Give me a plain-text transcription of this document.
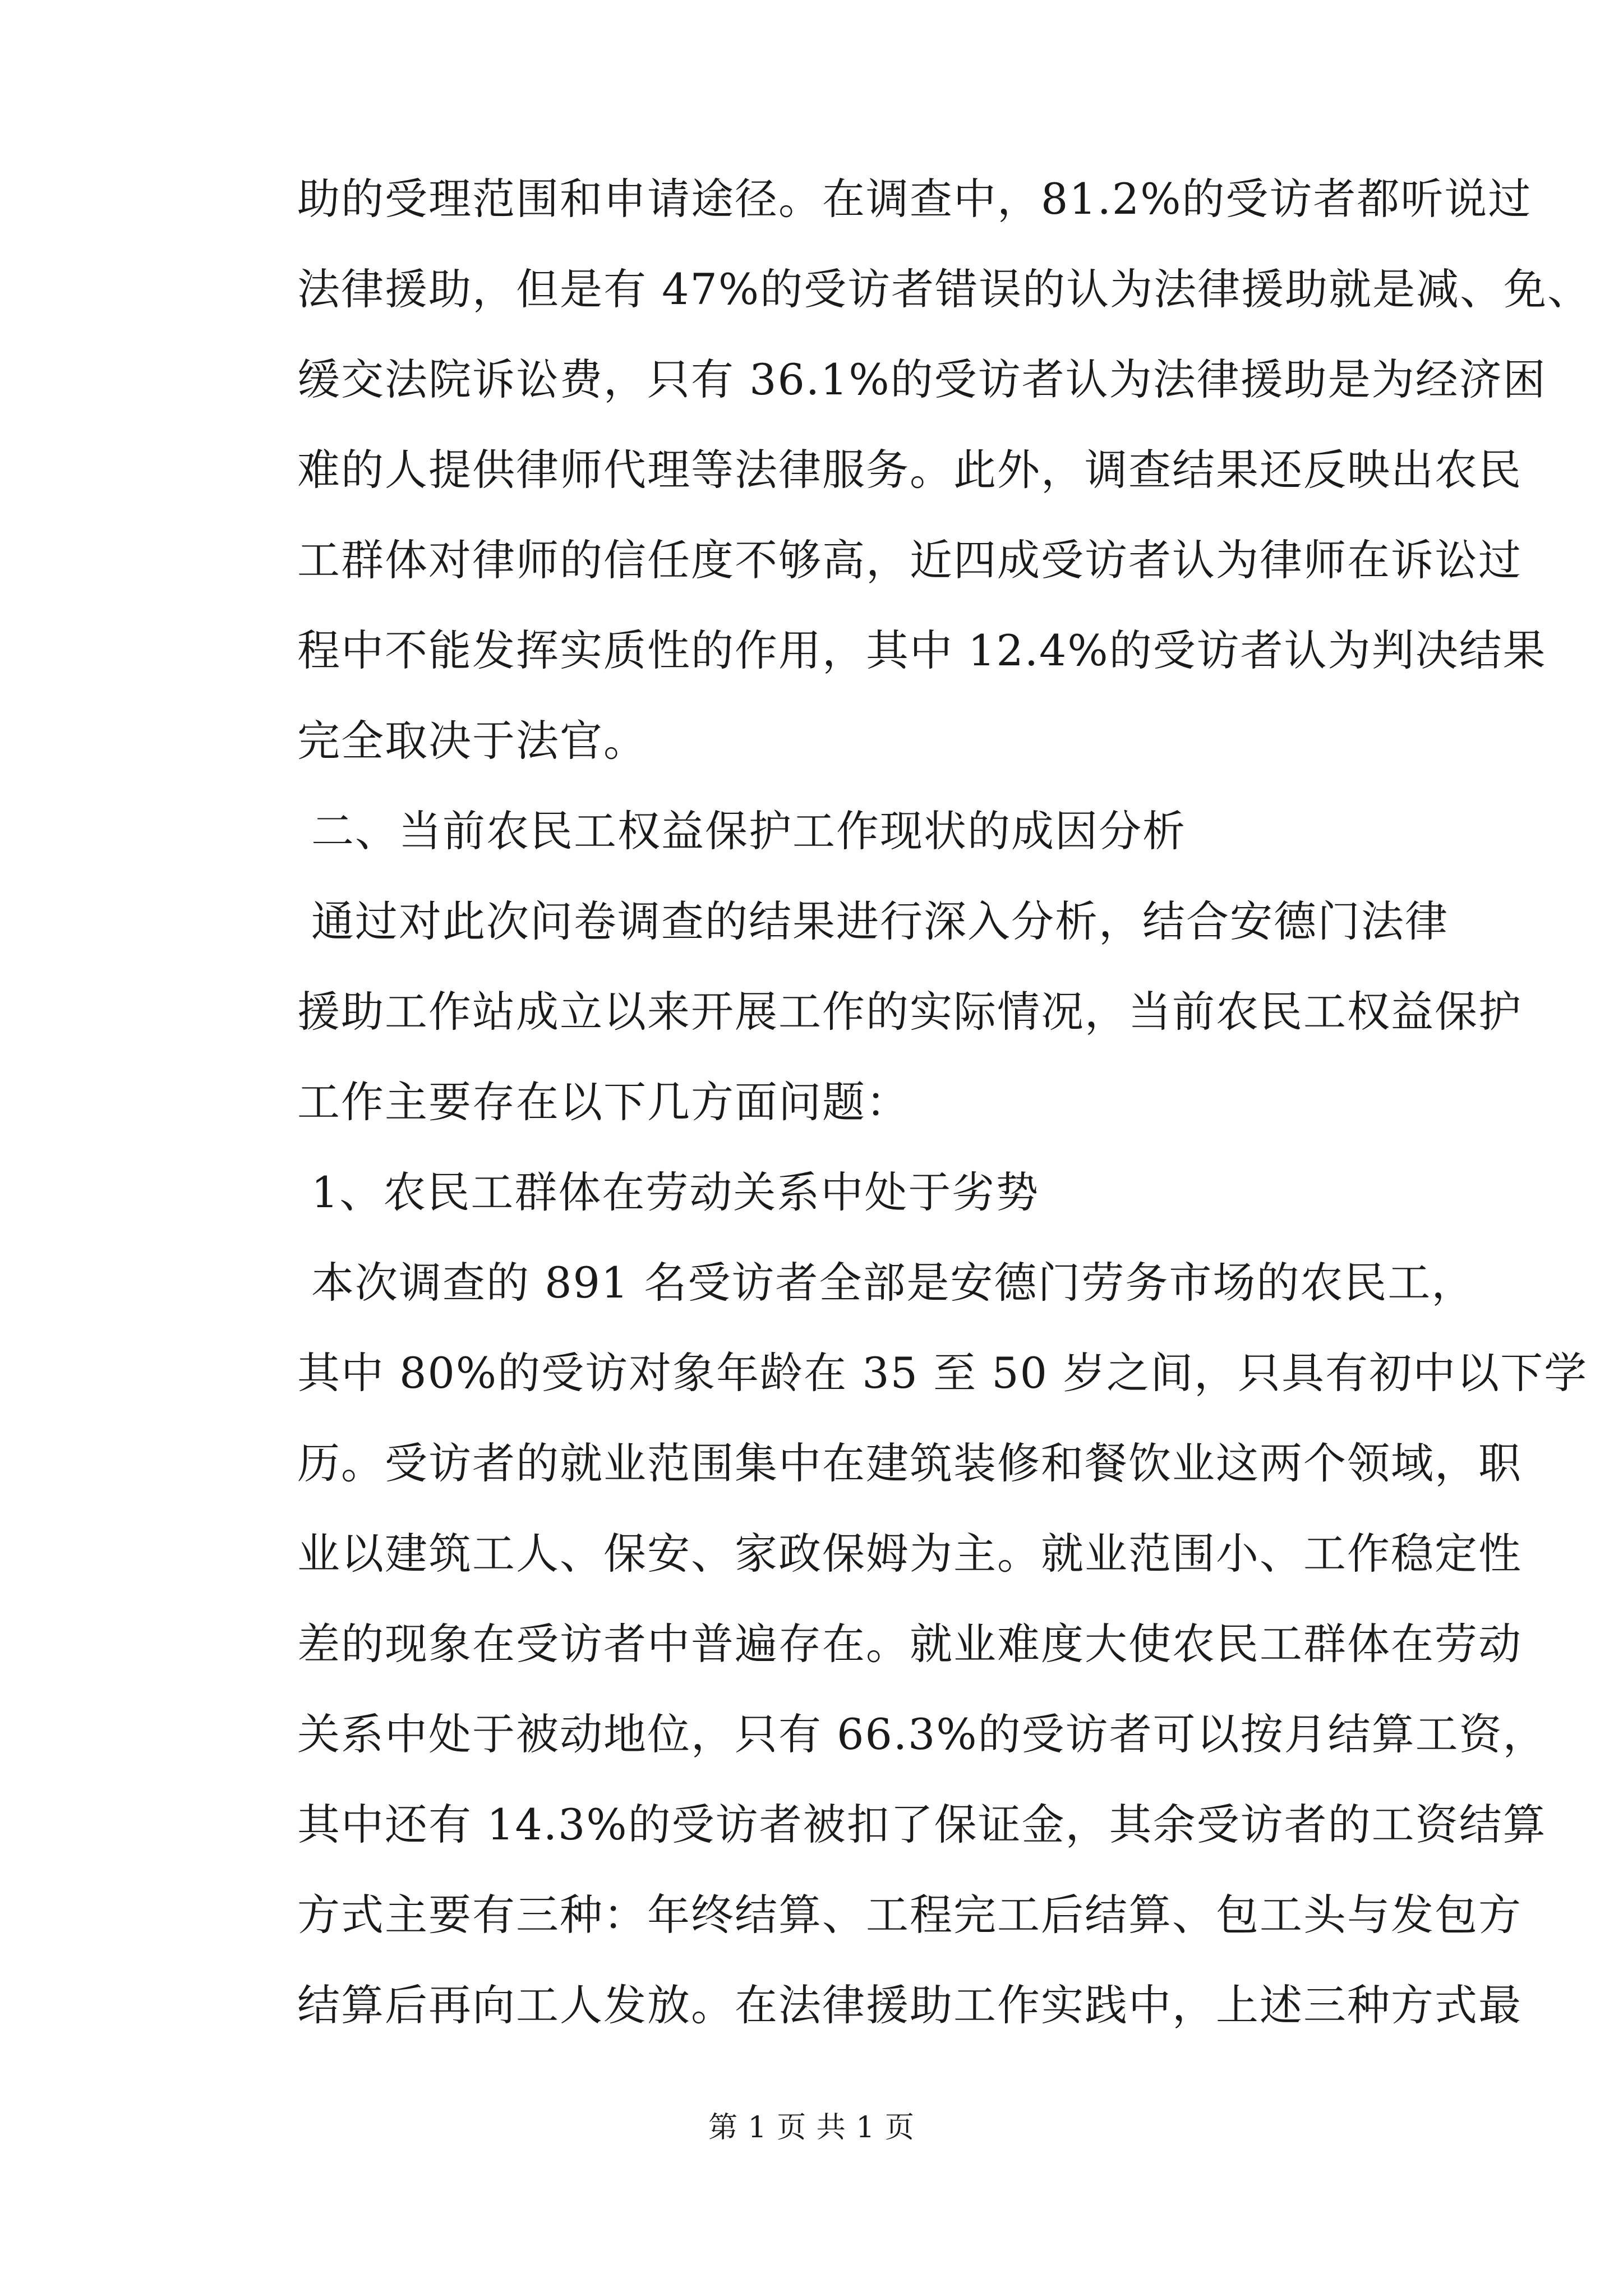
助的受理范围和申请途径。在调查中，81.2%的受访者都听说过
法律援助，但是有 47%的受访者错误的认为法律援助就是减、免、
缓交法院诉讼费，只有 36.1%的受访者认为法律援助是为经济困
难的人提供律师代理等法律服务。此外，调查结果还反映出农民
工群体对律师的信任度不够高，近四成受访者认为律师在诉讼过
程中不能发挥实质性的作用，其中 12.4%的受访者认为判决结果
完全取决于法官。
二、当前农民工权益保护工作现状的成因分析
通过对此次问卷调查的结果进行深入分析，结合安德门法律
援助工作站成立以来开展工作的实际情况，当前农民工权益保护
工作主要存在以下几方面问题：
1、农民工群体在劳动关系中处于劣势
本次调查的 891 名受访者全部是安德门劳务市场的农民工，
其中 80%的受访对象年龄在 35 至 50 岁之间，只具有初中以下学
历。受访者的就业范围集中在建筑装修和餐饮业这两个领域，职
业以建筑工人、保安、家政保姆为主。就业范围小、工作稳定性
差的现象在受访者中普遍存在。就业难度大使农民工群体在劳动
关系中处于被动地位，只有 66.3%的受访者可以按月结算工资，
其中还有 14.3%的受访者被扣了保证金，其余受访者的工资结算
方式主要有三种：年终结算、工程完工后结算、包工头与发包方
结算后再向工人发放。在法律援助工作实践中，上述三种方式最
第 1 页 共 1 页
